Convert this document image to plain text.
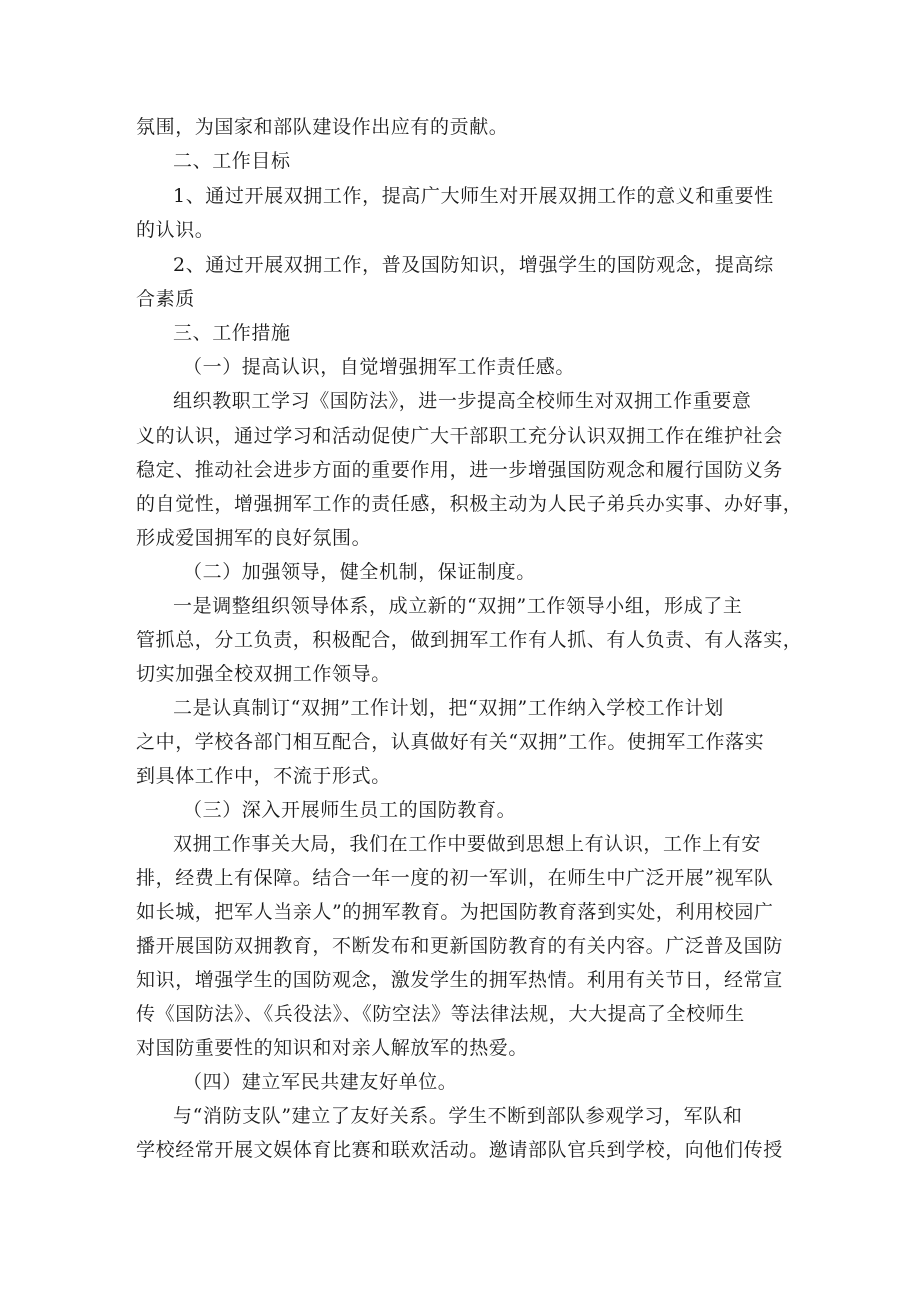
氛围，为国家和部队建设作出应有的贡献。
二、工作目标
1、通过开展双拥工作，提高广大师生对开展双拥工作的意义和重要性
的认识。
2、通过开展双拥工作，普及国防知识，增强学生的国防观念，提高综
合素质
三、工作措施
（一）提高认识，自觉增强拥军工作责任感。
组织教职工学习《国防法》，进一步提高全校师生对双拥工作重要意
义的认识，通过学习和活动促使广大干部职工充分认识双拥工作在维护社会
稳定、推动社会进步方面的重要作用，进一步增强国防观念和履行国防义务
的自觉性，增强拥军工作的责任感，积极主动为人民子弟兵办实事、办好事，
形成爱国拥军的良好氛围。
（二）加强领导，健全机制，保证制度。
一是调整组织领导体系，成立新的“双拥”工作领导小组，形成了主
管抓总，分工负责，积极配合，做到拥军工作有人抓、有人负责、有人落实，
切实加强全校双拥工作领导。
二是认真制订“双拥”工作计划，把“双拥”工作纳入学校工作计划
之中，学校各部门相互配合，认真做好有关“双拥”工作。使拥军工作落实
到具体工作中，不流于形式。
（三）深入开展师生员工的国防教育。
双拥工作事关大局，我们在工作中要做到思想上有认识，工作上有安
排，经费上有保障。结合一年一度的初一军训，在师生中广泛开展”视军队
如长城，把军人当亲人”的拥军教育。为把国防教育落到实处，利用校园广
播开展国防双拥教育，不断发布和更新国防教育的有关内容。广泛普及国防
知识，增强学生的国防观念，激发学生的拥军热情。利用有关节日，经常宣
传《国防法》、《兵役法》、《防空法》等法律法规，大大提高了全校师生
对国防重要性的知识和对亲人解放军的热爱。
（四）建立军民共建友好单位。
与“消防支队”建立了友好关系。学生不断到部队参观学习，军队和
学校经常开展文娱体育比赛和联欢活动。邀请部队官兵到学校，向他们传授
